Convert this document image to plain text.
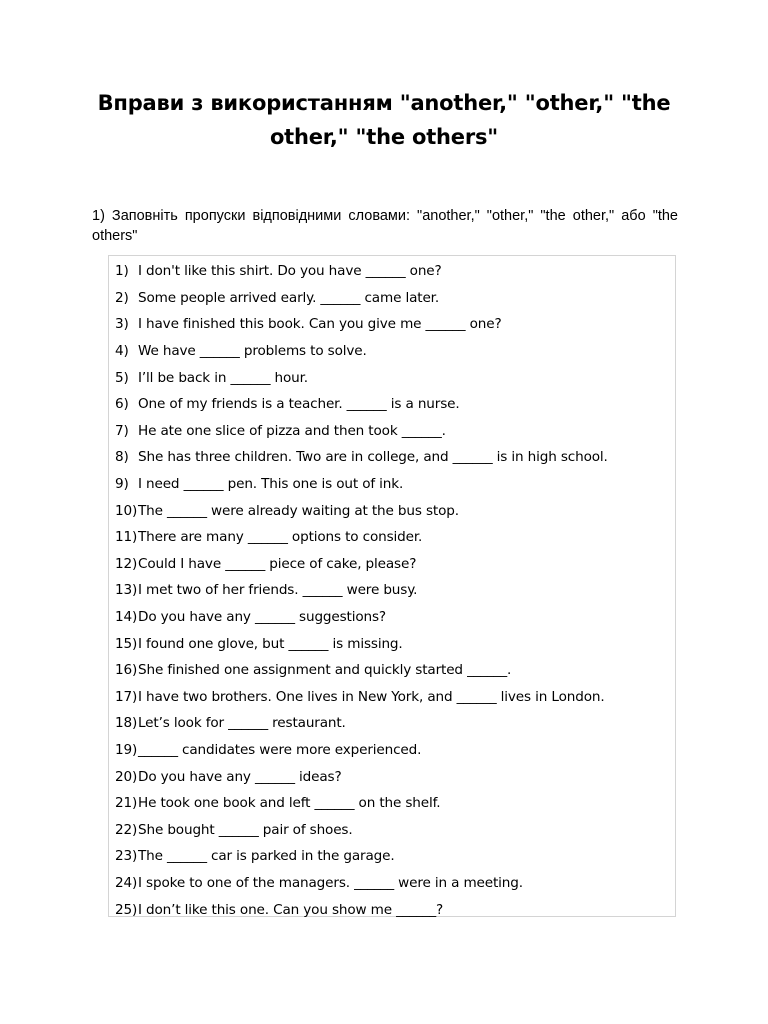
Вправи з використанням "another," "other," "the other," "the others"
1) Заповніть пропуски відповідними словами: "another," "other," "the other," або "the others"
1) I don't like this shirt. Do you have ______ one?
2) Some people arrived early. ______ came later.
3) I have finished this book. Can you give me ______ one?
4) We have ______ problems to solve.
5) I’ll be back in ______ hour.
6) One of my friends is a teacher. ______ is a nurse.
7) He ate one slice of pizza and then took ______.
8) She has three children. Two are in college, and ______ is in high school.
9) I need ______ pen. This one is out of ink.
10) The ______ were already waiting at the bus stop.
11) There are many ______ options to consider.
12) Could I have ______ piece of cake, please?
13) I met two of her friends. ______ were busy.
14) Do you have any ______ suggestions?
15) I found one glove, but ______ is missing.
16) She finished one assignment and quickly started ______.
17) I have two brothers. One lives in New York, and ______ lives in London.
18) Let’s look for ______ restaurant.
19) ______ candidates were more experienced.
20) Do you have any ______ ideas?
21) He took one book and left ______ on the shelf.
22) She bought ______ pair of shoes.
23) The ______ car is parked in the garage.
24) I spoke to one of the managers. ______ were in a meeting.
25) I don’t like this one. Can you show me ______?
